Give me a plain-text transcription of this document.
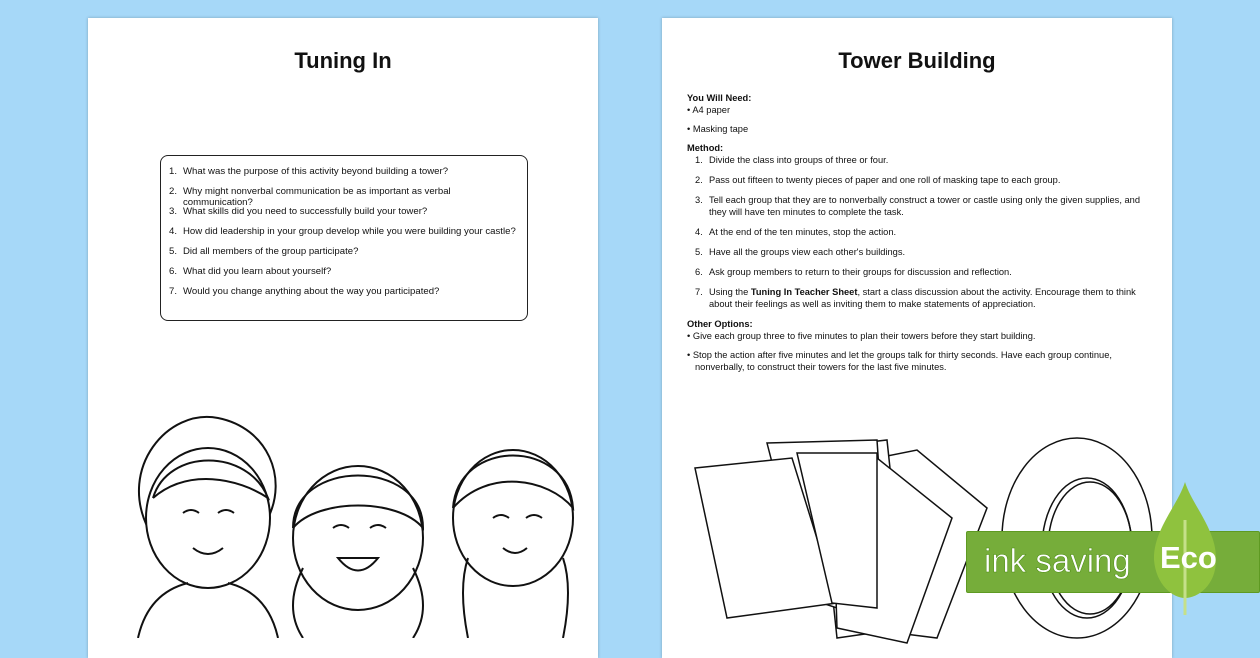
Tuning In
1. What was the purpose of this activity beyond building a tower?
2. Why might nonverbal communication be as important as verbal communication?
3. What skills did you need to successfully build your tower?
4. How did leadership in your group develop while you were building your castle?
5. Did all members of the group participate?
6. What did you learn about yourself?
7. Would you change anything about the way you participated?
Tower Building
You Will Need:
• A4 paper
• Masking tape
Method:
1. Divide the class into groups of three or four.
2. Pass out fifteen to twenty pieces of paper and one roll of masking tape to each group.
3. Tell each group that they are to nonverbally construct a tower or castle using only the given supplies, and they will have ten minutes to complete the task.
4. At the end of the ten minutes, stop the action.
5. Have all the groups view each other's buildings.
6. Ask group members to return to their groups for discussion and reflection.
7. Using the Tuning In Teacher Sheet, start a class discussion about the activity. Encourage them to think about their feelings as well as inviting them to make statements of appreciation.
Other Options:
• Give each group three to five minutes to plan their towers before they start building.
• Stop the action after five minutes and let the groups talk for thirty seconds. Have each group continue, nonverbally, to construct their towers for the last five minutes.
ink saving Eco
